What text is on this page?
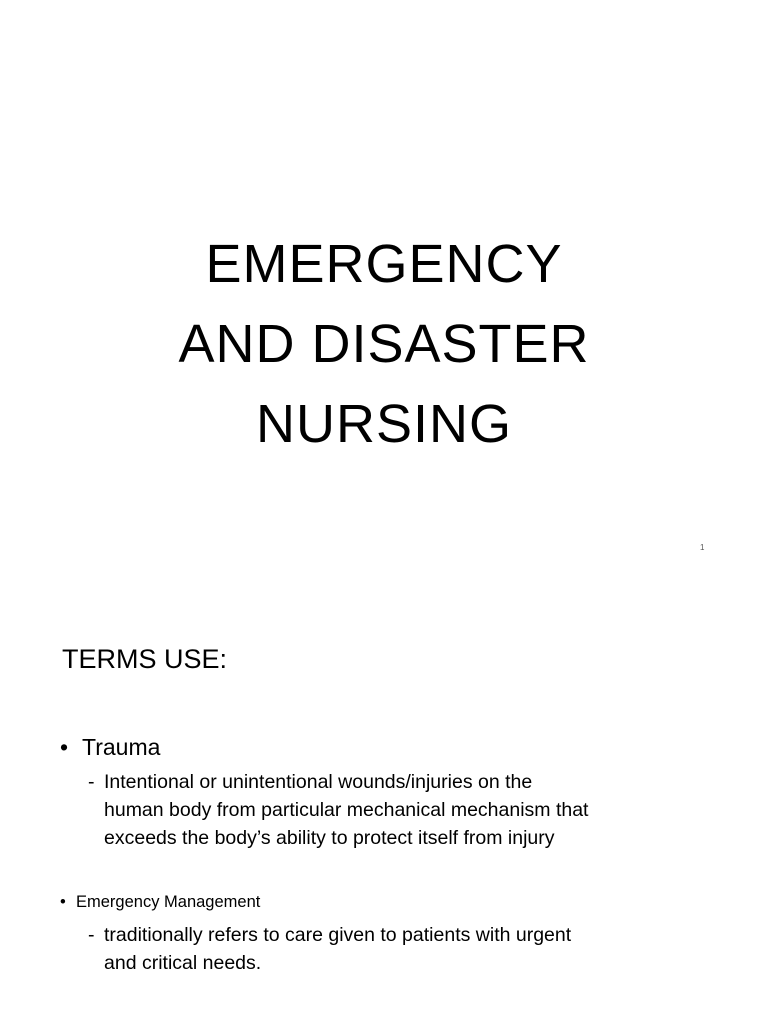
EMERGENCY
AND DISASTER
NURSING
1
TERMS USE:

• Trauma

- Intentional or unintentional wounds/injuries on the
human body from particular mechanical mechanism that
exceeds the body’s ability to protect itself from injury

• Emergency Management

- traditionally refers to care given to patients with urgent
and critical needs.
